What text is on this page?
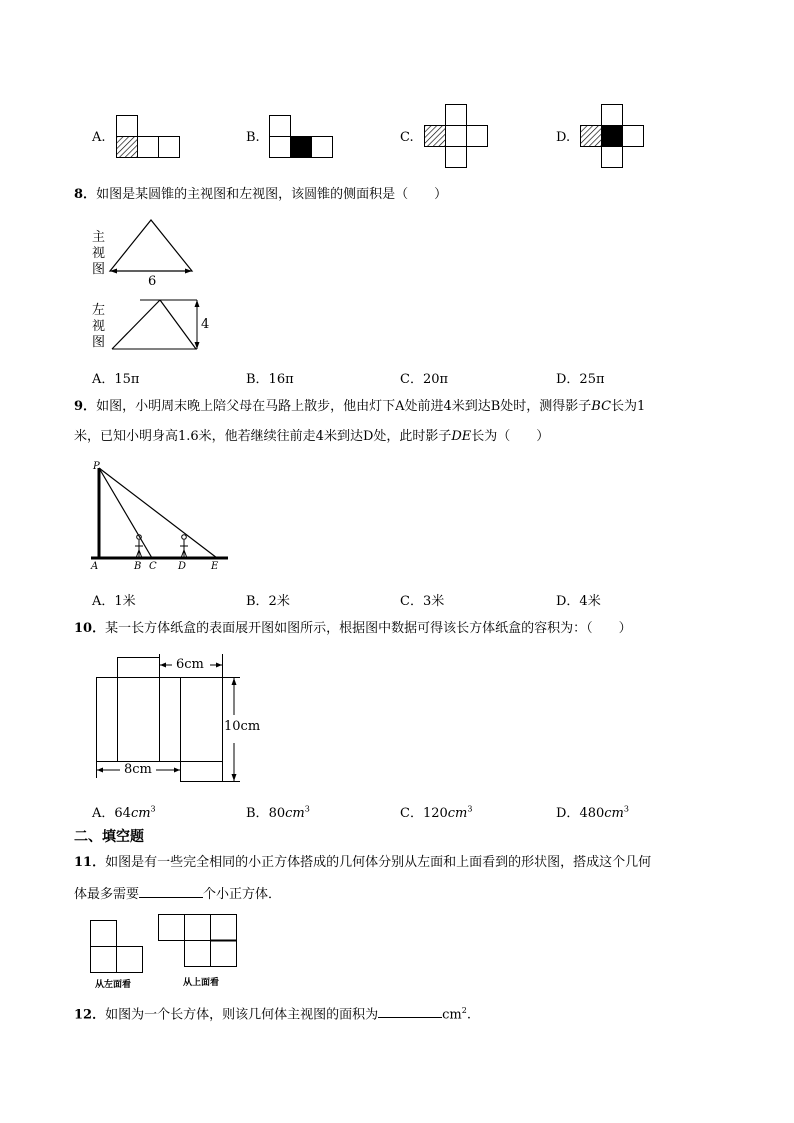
A.	B.	C.	D.
8．如图是某圆锥的主视图和左视图，该圆锥的侧面积是（　　）
主
视
图
6
左
视
图
4
A．15π	B．16π	C．20π	D．25π
9．如图，小明周末晚上陪父母在马路上散步，他由灯下A处前进4米到达B处时，测得影子BC长为1
米，已知小明身高1.6米，他若继续往前走4米到达D处，此时影子DE长为（　　）
P
A	B C D E
A．1米	B．2米	C．3米	D．4米
10．某一长方体纸盒的表面展开图如图所示，根据图中数据可得该长方体纸盒的容积为：（　　）
6cm
10cm
8cm
A．$64cm^3$	B．$80cm^3$	C．$120cm^3$	D．$480cm^3$
二、填空题
11．如图是有一些完全相同的小正方体搭成的几何体分别从左面和上面看到的形状图，搭成这个几何
体最多需要	个小正方体．
从左面看	从上面看
12．如图为一个长方体，则该几何体主视图的面积为	$cm^2$.
